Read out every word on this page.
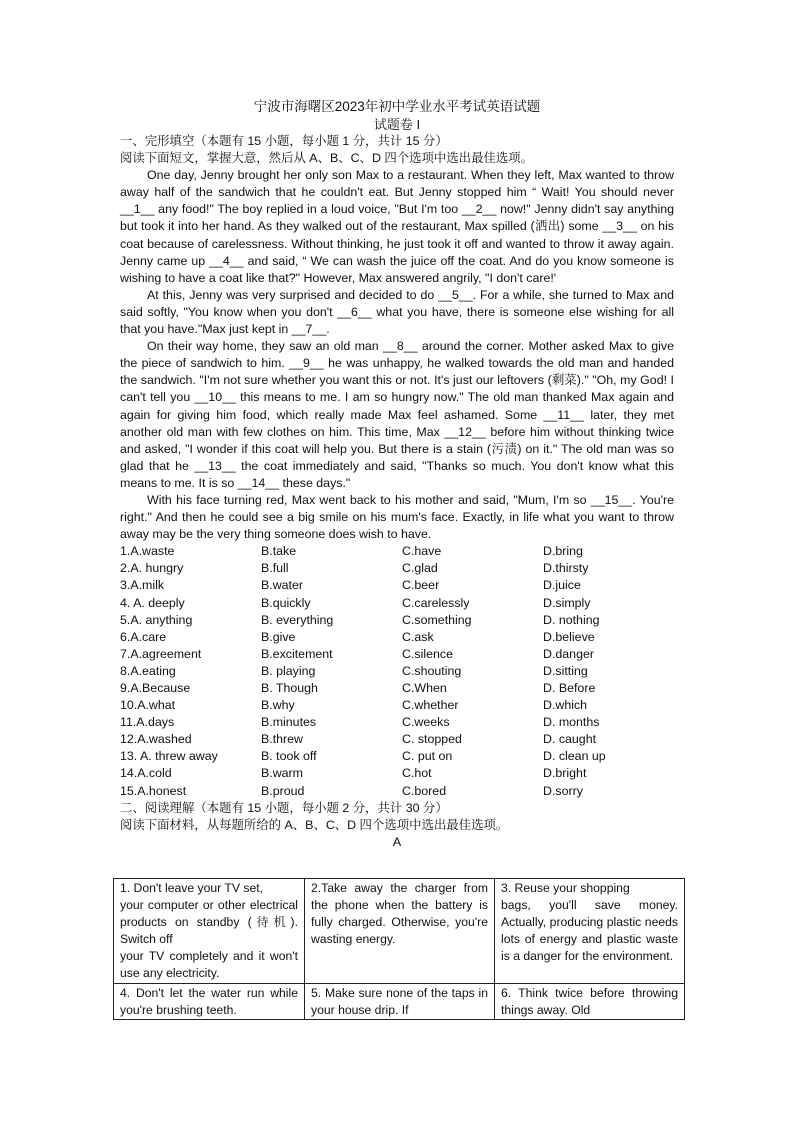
宁波市海曙区2023年初中学业水平考试英语试题
试题卷 I

一、完形填空（本题有 15 小题，每小题 1 分，共计 15 分）

阅读下面短文，掌握大意，然后从 A、B、C、D 四个选项中选出最佳选项。

One day, Jenny brought her only son Max to a restaurant. When they left, Max wanted to throw away half of the sandwich that he couldn't eat. But Jenny stopped him “ Wait! You should never __1__ any food!" The boy replied in a loud voice, "But I'm too __2__ now!" Jenny didn't say anything but took it into her hand. As they walked out of the restaurant, Max spilled (洒出) some __3__ on his coat because of carelessness. Without thinking, he just took it off and wanted to throw it away again. Jenny came up __4__ and said, “ We can wash the juice off the coat. And do you know someone is wishing to have a coat like that?" However, Max answered angrily, "I don't care!'

At this, Jenny was very surprised and decided to do __5__. For a while, she turned to Max and said softly, "You know when you don't __6__ what you have, there is someone else wishing for all that you have."Max just kept in __7__.

On their way home, they saw an old man __8__ around the corner. Mother asked Max to give the piece of sandwich to him. __9__ he was unhappy, he walked towards the old man and handed the sandwich. "I'm not sure whether you want this or not. It's just our leftovers (剩菜)." "Oh, my God! I can't tell you __10__ this means to me. I am so hungry now." The old man thanked Max again and again for giving him food, which really made Max feel ashamed. Some __11__ later, they met another old man with few clothes on him. This time, Max __12__ before him without thinking twice and asked, "I wonder if this coat will help you. But there is a stain (污渍) on it." The old man was so glad that he __13__ the coat immediately and said, "Thanks so much. You don't know what this means to me. It is so __14__ these days."

With his face turning red, Max went back to his mother and said, "Mum, I'm so __15__. You're right." And then he could see a big smile on his mum's face. Exactly, in life what you want to throw away may be the very thing someone does wish to have.

1.A.waste	B.take	C.have	D.bring
2.A. hungry	B.full	C.glad	D.thirsty
3.A.milk	B.water	C.beer	D.juice
4. A. deeply	B.quickly	C.carelessly	D.simply
5.A. anything	B. everything	C.something	D. nothing
6.A.care	B.give	C.ask	D.believe
7.A.agreement	B.excitement	C.silence	D.danger
8.A.eating	B. playing	C.shouting	D.sitting
9.A.Because	B. Though	C.When	D. Before
10.A.what	B.why	C.whether	D.which
11.A.days	B.minutes	C.weeks	D. months
12.A.washed	B.threw	C. stopped	D. caught
13. A. threw away	B. took off	C. put on	D. clean up
14.A.cold	B.warm	C.hot	D.bright
15.A.honest	B.proud	C.bored	D.sorry

二、阅读理解（本题有 15 小题，每小题 2 分，共计 30 分）

阅读下面材料，从每题所给的 A、B、C、D 四个选项中选出最佳选项。

A

1. Don't leave your TV set,
your computer or other electrical products on standby (待机). Switch off
your TV completely and it won't use any electricity.	2.Take away the charger from the phone when the battery is fully charged. Otherwise, you're wasting energy.	3. Reuse your shopping
bags, you'll save money. Actually, producing plastic needs lots of energy and plastic waste is a danger for the environment.

4. Don't let the water run while you're brushing teeth.	5. Make sure none of the taps in your house drip. If	6. Think twice before throwing things away. Old
